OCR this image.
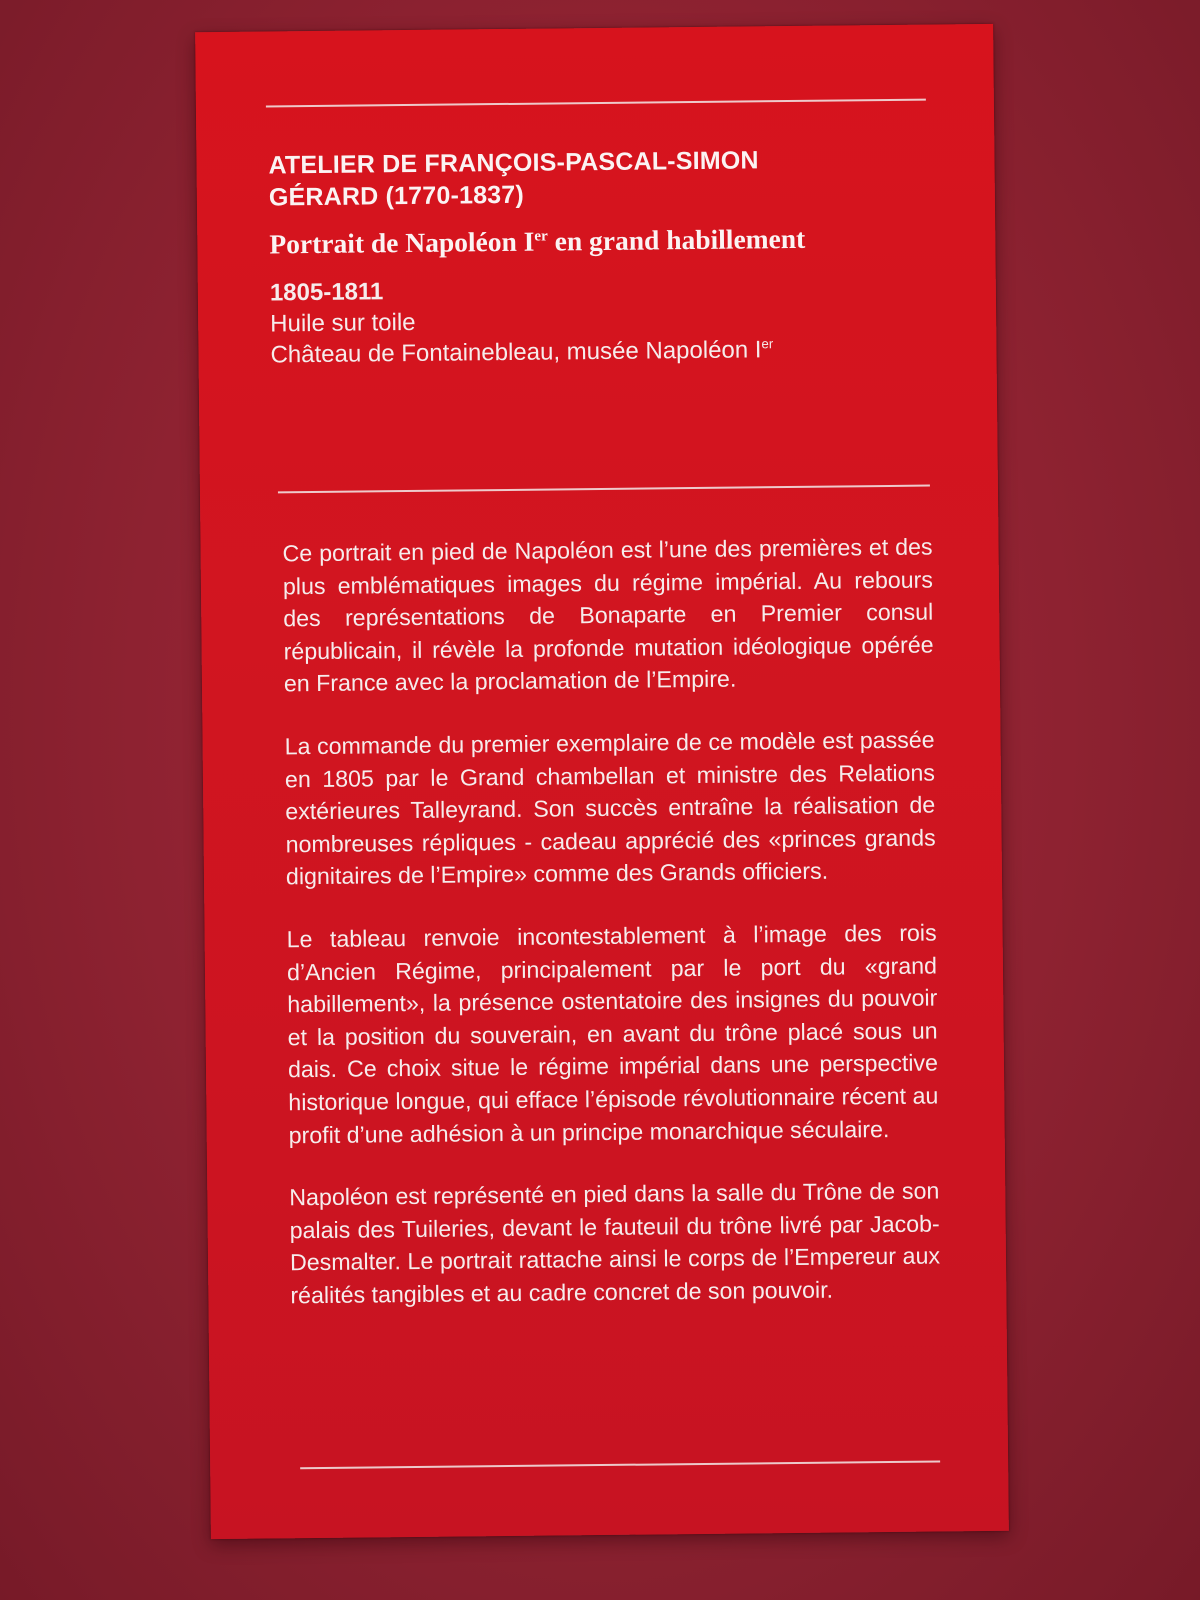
ATELIER DE FRANÇOIS-PASCAL-SIMON
GÉRARD (1770-1837)
Portrait de Napoléon Ier en grand habillement
1805-1811
Huile sur toile
Château de Fontainebleau, musée Napoléon Ier

Ce portrait en pied de Napoléon est l’une des premières et des plus emblématiques images du régime impérial. Au rebours des représentations de Bonaparte en Premier consul républicain, il révèle la profonde mutation idéologique opérée en France avec la proclamation de l’Empire.

La commande du premier exemplaire de ce modèle est passée en 1805 par le Grand chambellan et ministre des Relations extérieures Talleyrand. Son succès entraîne la réalisation de nombreuses répliques - cadeau apprécié des «princes grands dignitaires de l’Empire» comme des Grands officiers.

Le tableau renvoie incontestablement à l’image des rois d’Ancien Régime, principalement par le port du «grand habillement», la présence ostentatoire des insignes du pouvoir et la position du souverain, en avant du trône placé sous un dais. Ce choix situe le régime impérial dans une perspective historique longue, qui efface l’épisode révolutionnaire récent au profit d’une adhésion à un principe monarchique séculaire.

Napoléon est représenté en pied dans la salle du Trône de son palais des Tuileries, devant le fauteuil du trône livré par Jacob-Desmalter. Le portrait rattache ainsi le corps de l’Empereur aux réalités tangibles et au cadre concret de son pouvoir.
